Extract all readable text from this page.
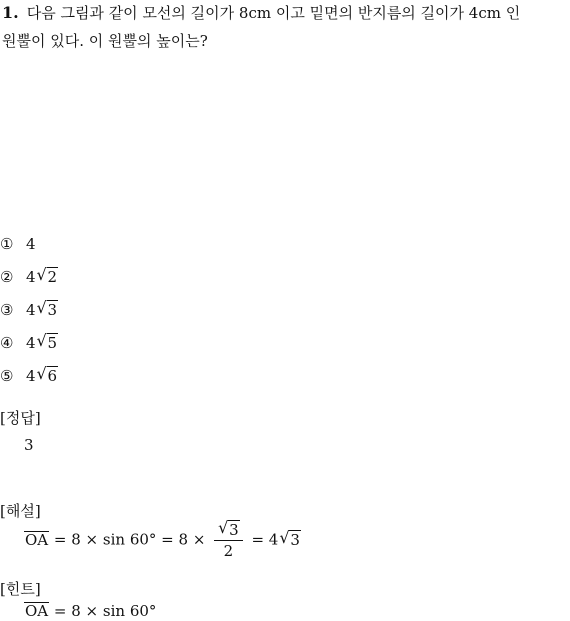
1. 다음 그림과 같이 모선의 길이가 8cm 이고 밑면의 반지름의 길이가 4cm 인
원뿔이 있다. 이 원뿔의 높이는?
① 4
② 4 √ 2
③ 4 √ 3
④ 4 √ 5
⑤ 4 √ 6
[정답]
3
[해설]
OA = 8 × sin 60° = 8 × √ $\frac{3}{2} = 4$ √ 3
[힌트]
OA = 8 × sin 60°
